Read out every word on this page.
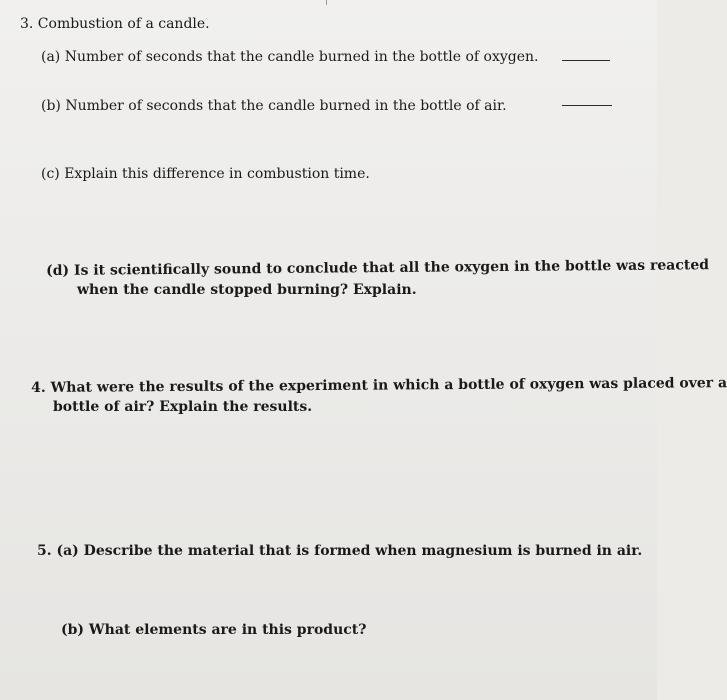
3. Combustion of a candle.
(a) Number of seconds that the candle burned in the bottle of oxygen.
(b) Number of seconds that the candle burned in the bottle of air.
(c) Explain this difference in combustion time.
(d) Is it scientifically sound to conclude that all the oxygen in the bottle was reacted
when the candle stopped burning? Explain.
4. What were the results of the experiment in which a bottle of oxygen was placed over a
bottle of air? Explain the results.
5. (a) Describe the material that is formed when magnesium is burned in air.
(b) What elements are in this product?
